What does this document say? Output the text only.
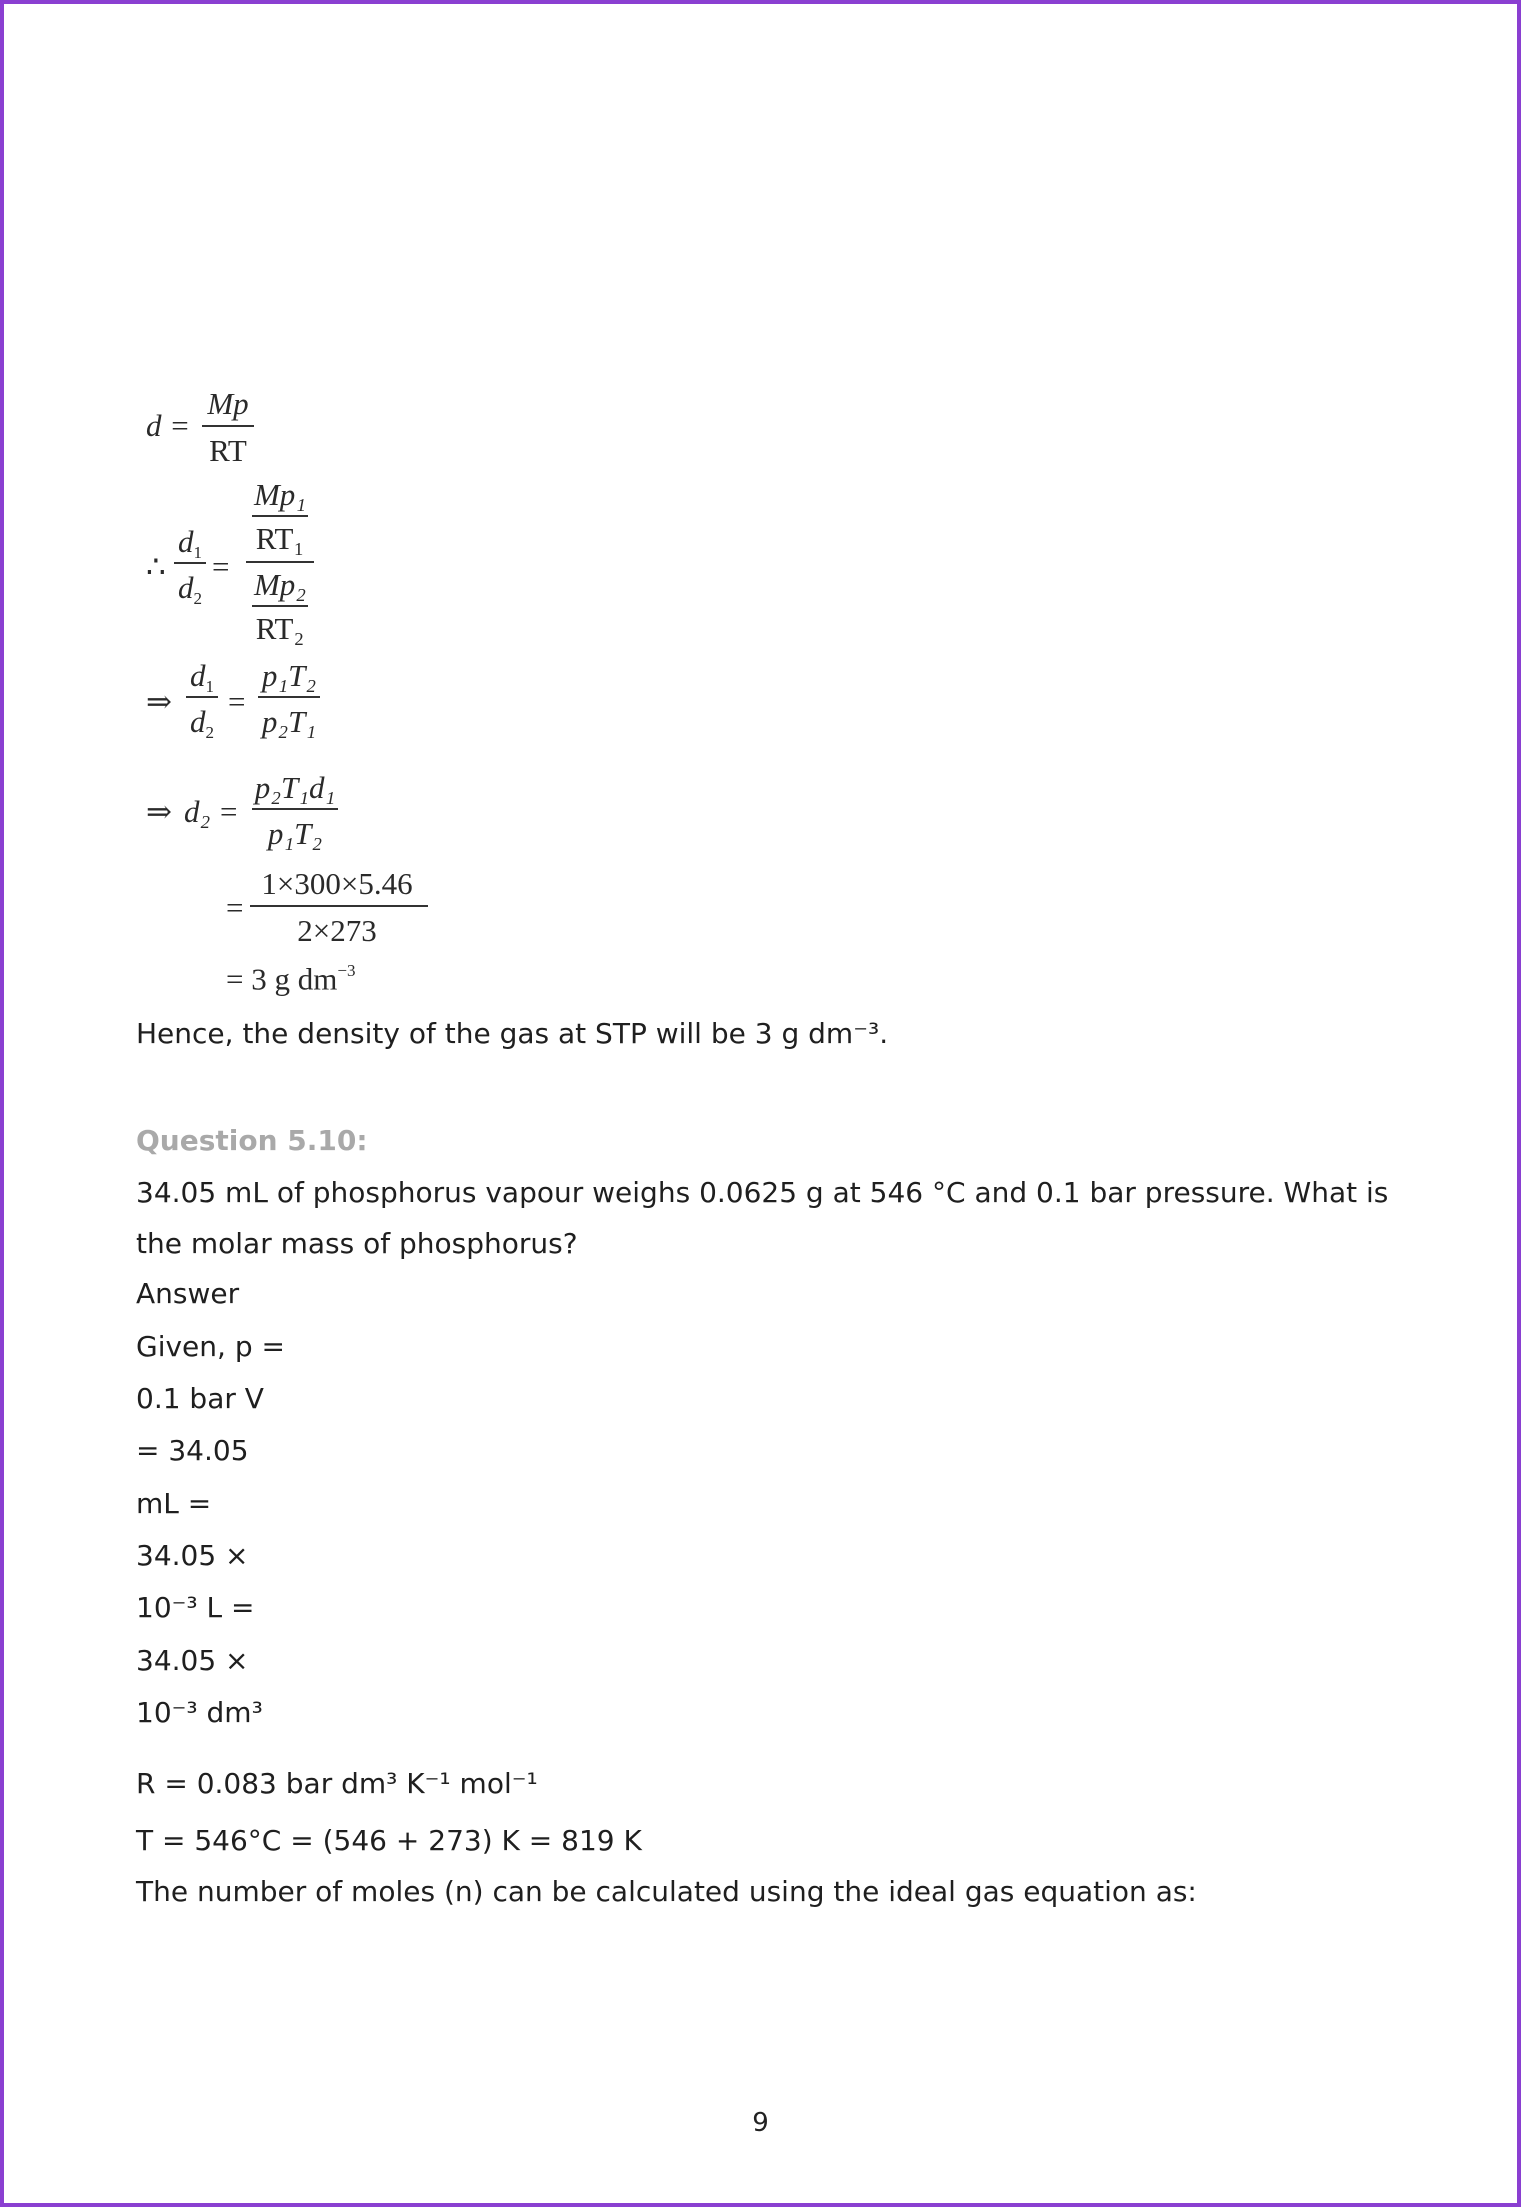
d =
Mp
RT
∴
$d_1$
$d_2$
=
Mp₁
RT₁
Mp₂
RT₂
⇒
$d_1$
$d_2$
=
p₁T₂
p₂T₁
⇒ d₂ =
p₂T₁d₁
p₁T₂
=
1×300×5.46
2×273
= 3 g $dm^{-3}$
Hence, the density of the gas at STP will be 3 g dm⁻³.
Question 5.10:
34.05 mL of phosphorus vapour weighs 0.0625 g at 546 °C and 0.1 bar pressure. What is
the molar mass of phosphorus?
Answer
Given, p =
0.1 bar V
= 34.05
mL =
34.05 ×
10⁻³ L =
34.05 ×
10⁻³ dm³
R = 0.083 bar dm³ K⁻¹ mol⁻¹
T = 546°C = (546 + 273) K = 819 K
The number of moles (n) can be calculated using the ideal gas equation as:
9
